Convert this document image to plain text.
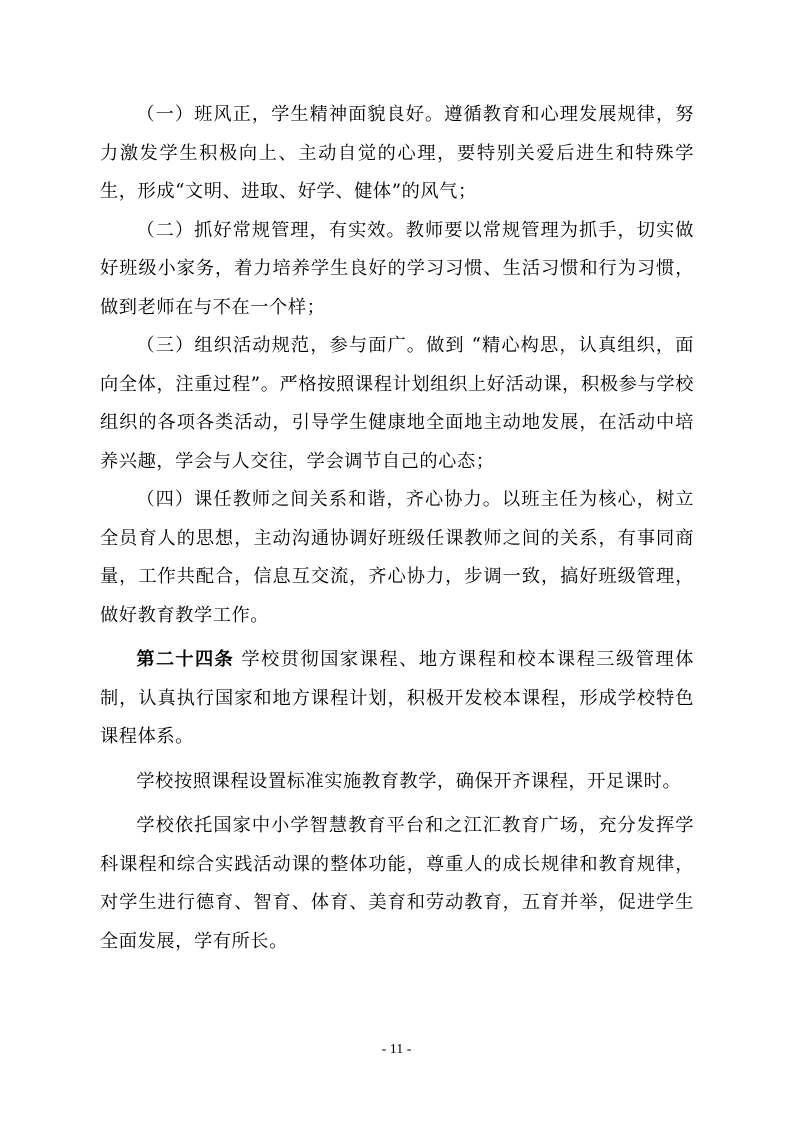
（一）班风正，学生精神面貌良好。遵循教育和心理发展规律，努力激发学生积极向上、主动自觉的心理，要特别关爱后进生和特殊学生，形成“文明、进取、好学、健体”的风气；

（二）抓好常规管理，有实效。教师要以常规管理为抓手，切实做好班级小家务，着力培养学生良好的学习习惯、生活习惯和行为习惯，做到老师在与不在一个样；

（三）组织活动规范，参与面广。做到 “精心构思，认真组织，面向全体，注重过程”。严格按照课程计划组织上好活动课，积极参与学校组织的各项各类活动，引导学生健康地全面地主动地发展，在活动中培养兴趣，学会与人交往，学会调节自己的心态；

（四）课任教师之间关系和谐，齐心协力。以班主任为核心，树立全员育人的思想，主动沟通协调好班级任课教师之间的关系，有事同商量，工作共配合，信息互交流，齐心协力，步调一致，搞好班级管理，做好教育教学工作。

第二十四条 学校贯彻国家课程、地方课程和校本课程三级管理体制，认真执行国家和地方课程计划，积极开发校本课程，形成学校特色课程体系。

学校按照课程设置标准实施教育教学，确保开齐课程，开足课时。

学校依托国家中小学智慧教育平台和之江汇教育广场，充分发挥学科课程和综合实践活动课的整体功能，尊重人的成长规律和教育规律，对学生进行德育、智育、体育、美育和劳动教育，五育并举，促进学生全面发展，学有所长。

- 11 -
